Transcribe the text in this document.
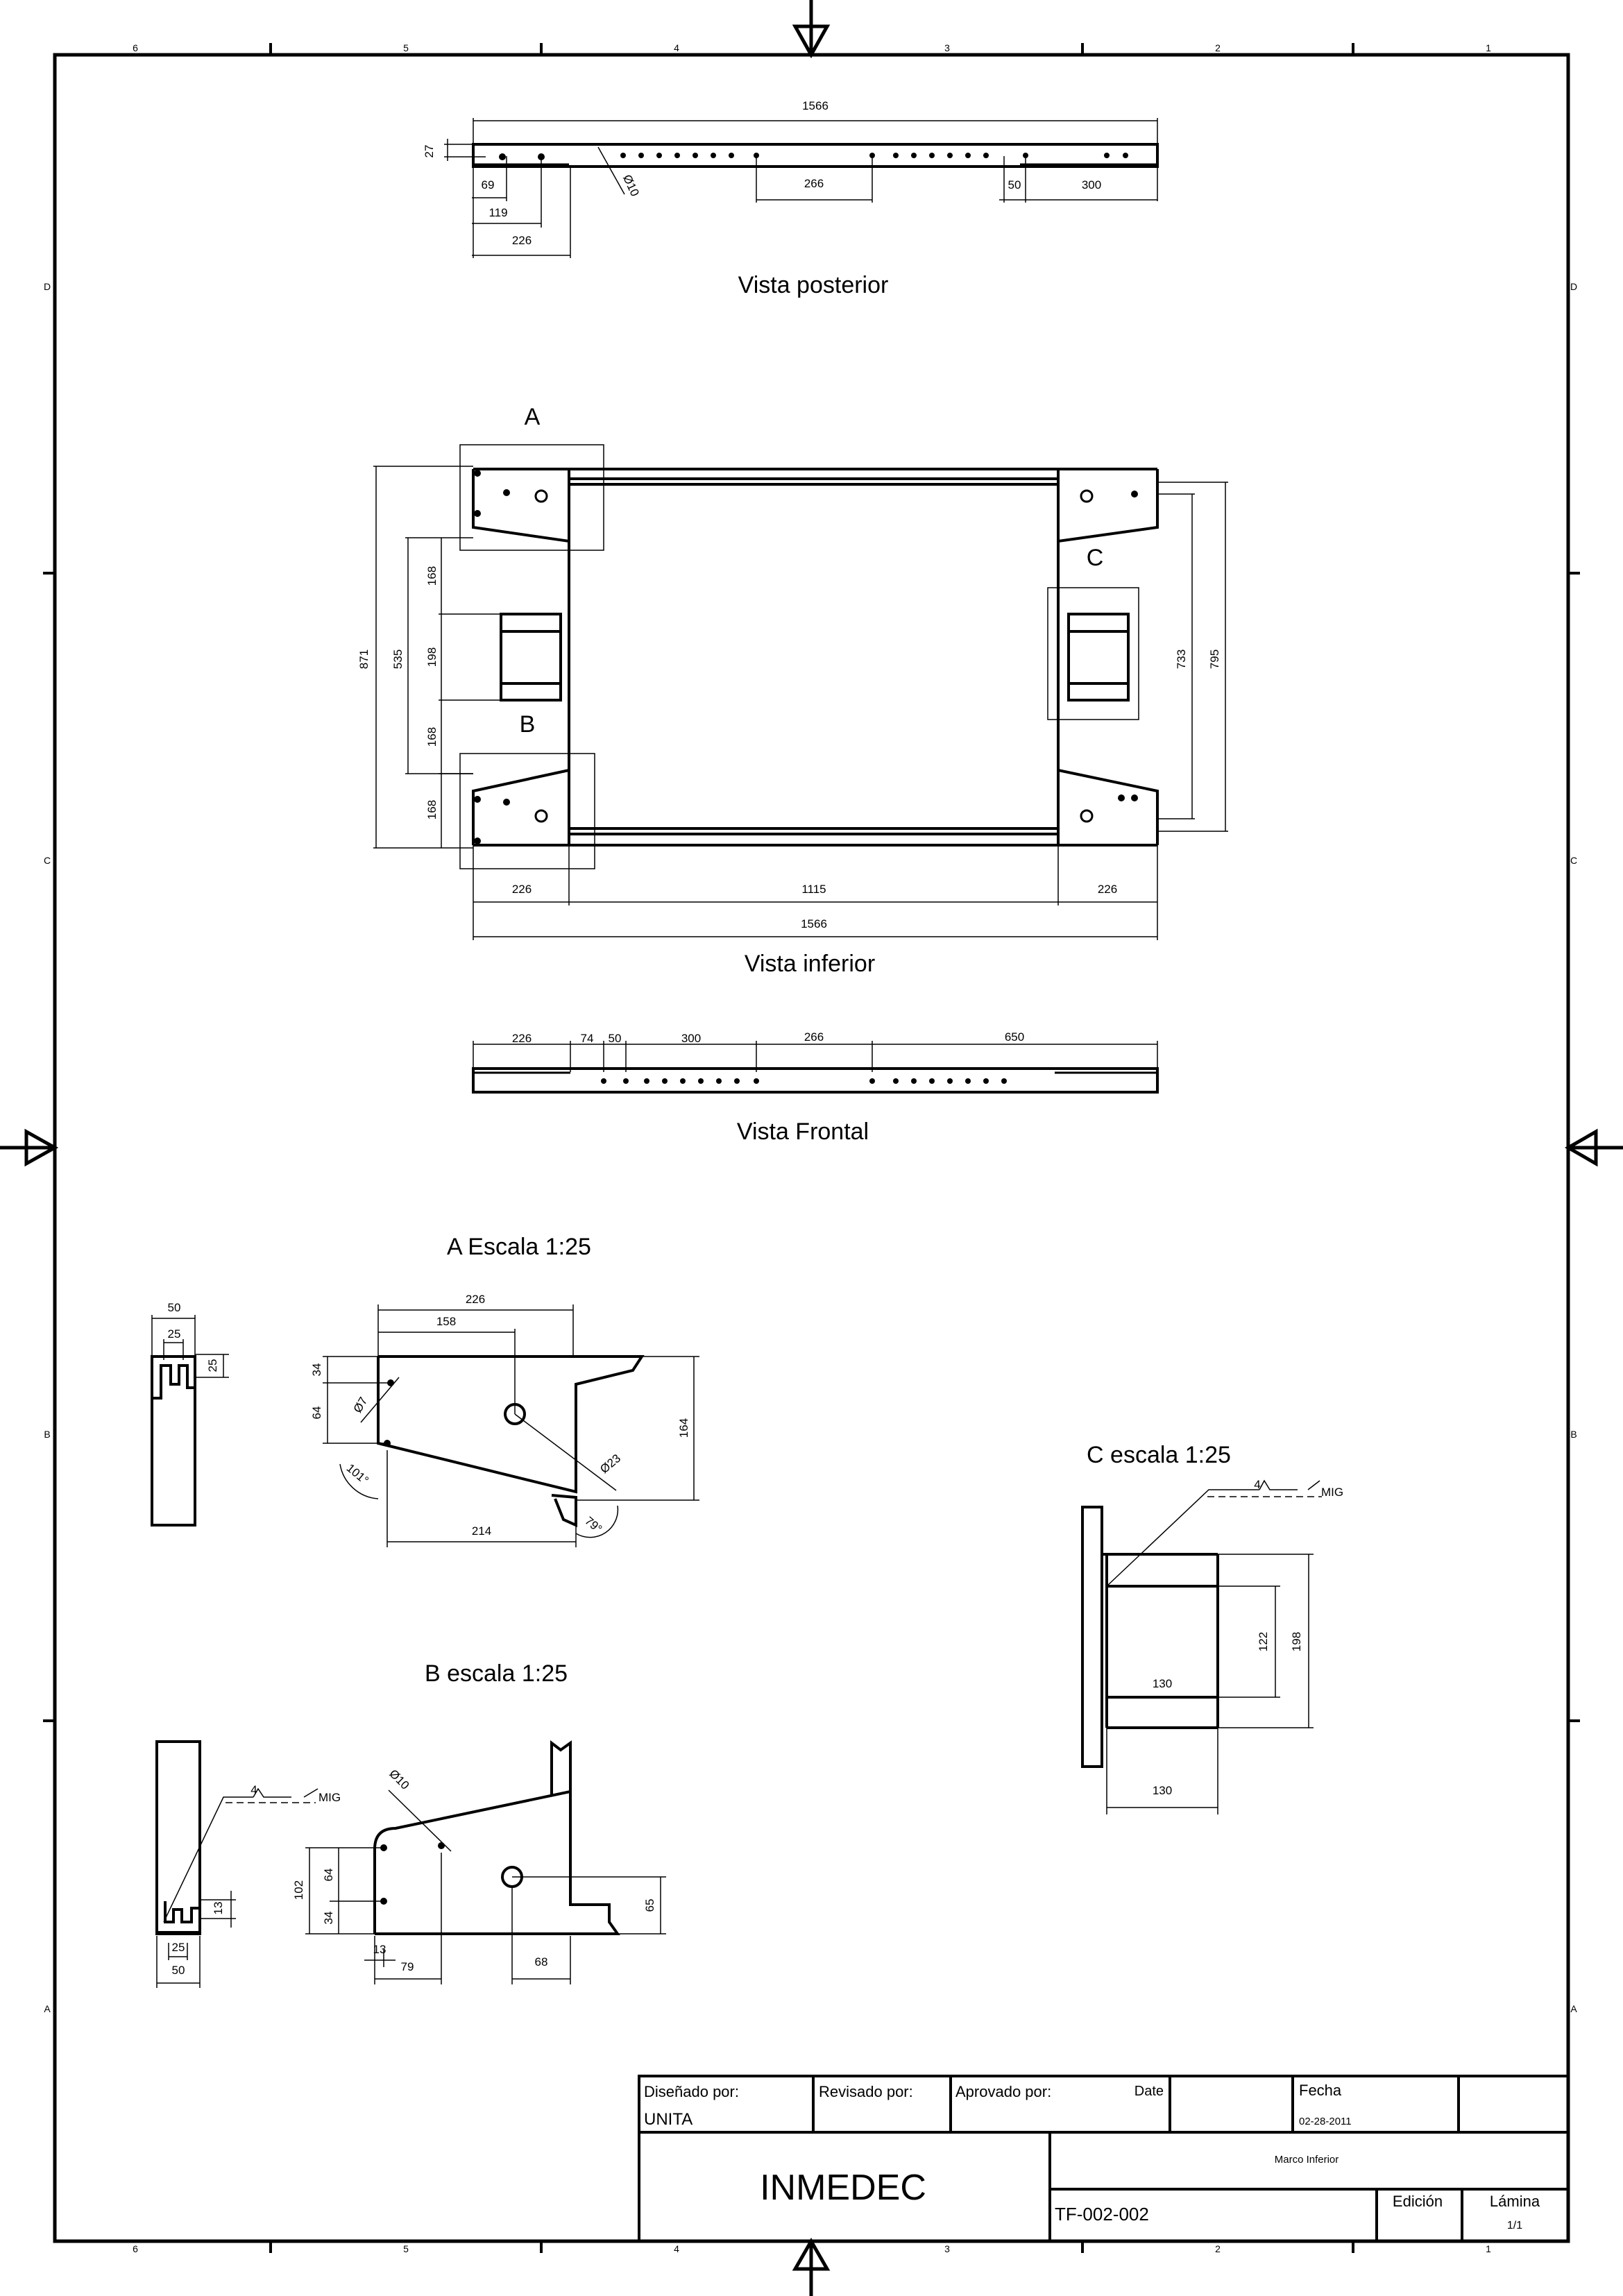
6	5	4	3	2	1
6	5	4	3	2	1
D
C
B
A
D
C
B
A
1566
27
69
119
226
266	50	300
Ø10
Vista posterior
A
B
C
871 535
168
198
168
168
733 795
226	1115	226
1566
Vista inferior
226	74 50	300	266	650
Vista Frontal
A Escala 1:25
50
25
25
226
158
34
64 Ø7
Ø23
164
101°
214	79°
B escala 1:25
4
MIG
13
25
50
Ø10
102
64
34
13
79
65
68
C escala 1:25
4
MIG
122 198
130
130
Diseñado por:
UNITA
Revisado por:	Aprovado por:	Date	Fecha
02-28-2011
INMEDEC
Marco Inferior
TF-002-002
Edición	Lámina
1/1
